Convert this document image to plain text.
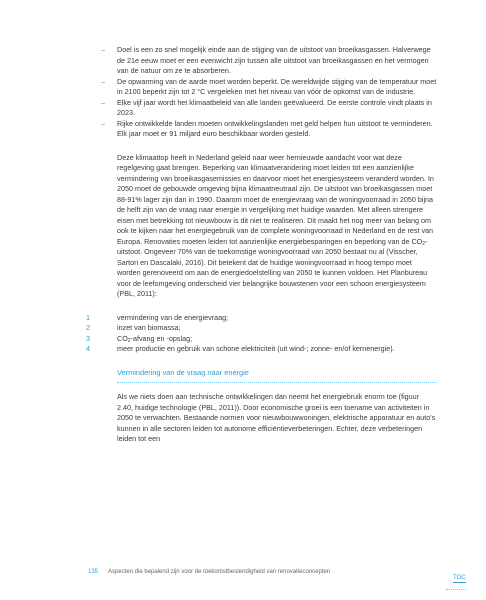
– Doel is een zo snel mogelijk einde aan de stijging van de uitstoot van broeikasgassen. Halverwege de 21e eeuw moet er een evenwicht zijn tussen alle uitstoot van broeikasgassen en het vermogen van de natuur om ze te absorberen.
– De opwarming van de aarde moet worden beperkt. De wereldwijde stijging van de temperatuur moet in 2100 beperkt zijn tot 2 °C vergeleken met het niveau van vóór de opkomst van de industrie.
– Elke vijf jaar wordt het klimaatbeleid van alle landen geëvalueerd. De eerste controle vindt plaats in 2023.
– Rijke ontwikkelde landen moeten ontwikkelingslanden met geld helpen hun uitstoot te verminderen. Elk jaar moet er 91 miljard euro beschikbaar worden gesteld.

Deze klimaattop heeft in Nederland geleid naar weer hernieuwde aandacht voor wat deze regelgeving gaat brengen. Beperking van klimaatverandering moet leiden tot een aanzienlijke vermindering van broeikasgasemissies en daarvoor moet het energiesysteem veranderd worden. In 2050 moet de gebouwde omgeving bijna klimaatneutraal zijn. De uitstoot van broeikasgassen moet 88-91% lager zijn dan in 1990. Daarom moet de energievraag van de woningvoorraad in 2050 bijna de helft zijn van de vraag naar energie in vergelijking met huidige waarden. Met alleen strengere eisen met betrekking tot nieuwbouw is dit niet te realiseren. Dit maakt het nog meer van belang om ook te kijken naar het energiegebruik van de complete woningvoorraad in Nederland en de rest van Europa. Renovaties moeten leiden tot aanzienlijke energiebesparingen en beperking van de $CO_2$-uitstoot. Ongeveer 70% van de toekomstige woningvoorraad van 2050 bestaat nu al (Visscher, Sartori en Dascalaki, 2016). Dit betekent dat de huidige woningvoorraad in hoog tempo moet worden gerenoveerd om aan de energiedoelstelling van 2050 te kunnen voldoen. Het Planbureau voor de leefomgeving onderscheid vier belangrijke bouwstenen voor een schoon energiesysteem (PBL, 2011):

1	vermindering van de energievraag;
2	inzet van biomassa;
3	$CO_2$-afvang en -opslag;
4	meer productie en gebruik van schone elektriciteit (uit wind-; zonne- en/of kernenergie).
Vermindering van de vraag naar energie

Als we niets doen aan technische ontwikkelingen dan neemt het energiebruik enorm toe (figuur 2.40, huidige technologie (PBL, 2011)). Door economische groei is een toename van activiteiten in 2050 te verwachten. Bestaande normen voor nieuwbouwwoningen, elektrische apparatuur en auto's kunnen in alle sectoren leiden tot autonome efficiëntieverbeteringen. Echter, deze verbeteringen leiden tot een

135 Aspecten die bepalend zijn voor de toekomstbestendigheid van renovatieconcepten
TOC
